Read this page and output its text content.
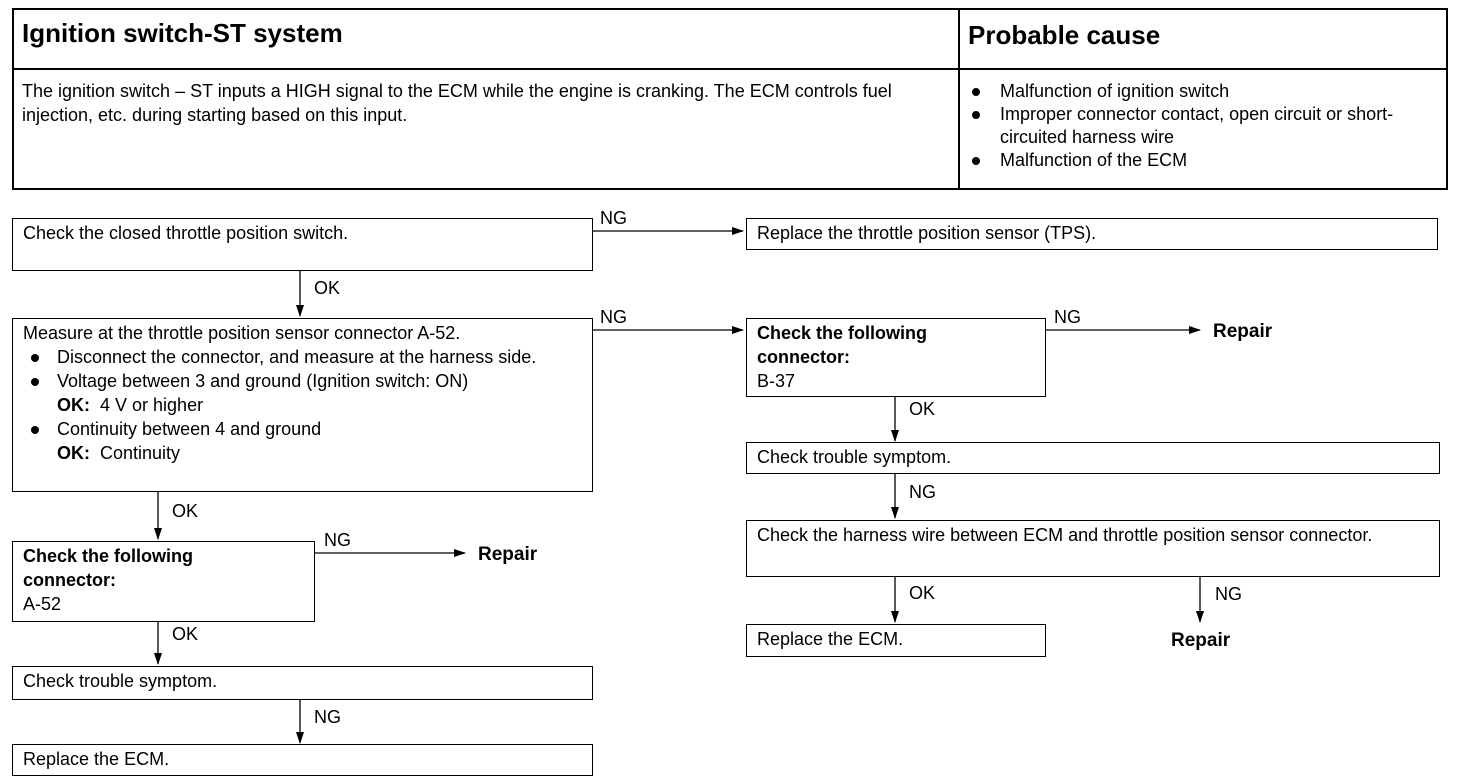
Ignition switch-ST system	Probable cause
The ignition switch – ST inputs a HIGH signal to the ECM while the engine is cranking. The ECM controls fuel injection, etc. during starting based on this input.
Malfunction of ignition switch
Improper connector contact, open circuit or short-circuited harness wire
Malfunction of the ECM
Check the closed throttle position switch.
Measure at the throttle position sensor connector A-52.
Disconnect the connector, and measure at the harness side.
Voltage between 3 and ground (Ignition switch: ON)
OK: 4 V or higher
Continuity between 4 and ground
OK: Continuity
Check the following connector:
A-52
Check trouble symptom.
Replace the ECM.
Replace the throttle position sensor (TPS).
Check the following connector:
B-37
Check trouble symptom.
Check the harness wire between ECM and throttle position sensor connector.
Replace the ECM.
NG
OK
NG
OK
NG
OK
NG
NG
OK
NG
OK	NG
Repair
Repair
Repair
